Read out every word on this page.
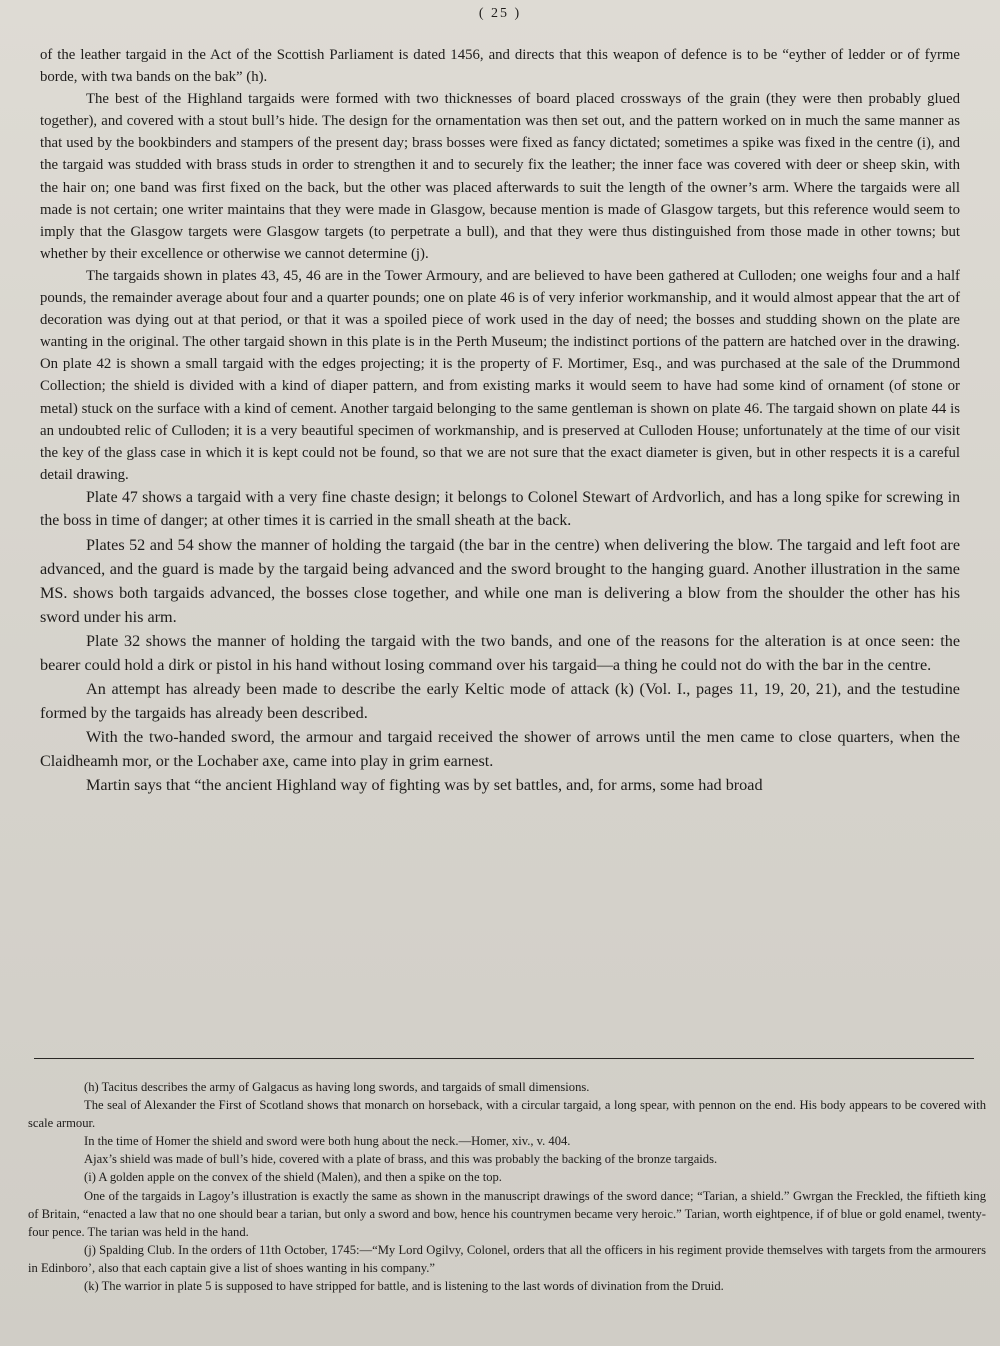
( 25 )

of the leather targaid in the Act of the Scottish Parliament is dated 1456, and directs that this weapon of defence is to be “eyther of ledder or of fyrme borde, with twa bands on the bak” (h).

The best of the Highland targaids were formed with two thicknesses of board placed crossways of the grain (they were then probably glued together), and covered with a stout bull’s hide. The design for the ornamentation was then set out, and the pattern worked on in much the same manner as that used by the bookbinders and stampers of the present day; brass bosses were fixed as fancy dictated; sometimes a spike was fixed in the centre (i), and the targaid was studded with brass studs in order to strengthen it and to securely fix the leather; the inner face was covered with deer or sheep skin, with the hair on; one band was first fixed on the back, but the other was placed afterwards to suit the length of the owner’s arm. Where the targaids were all made is not certain; one writer maintains that they were made in Glasgow, because mention is made of Glasgow targets, but this reference would seem to imply that the Glasgow targets were Glasgow targets (to perpetrate a bull), and that they were thus distinguished from those made in other towns; but whether by their excellence or otherwise we cannot determine (j).

The targaids shown in plates 43, 45, 46 are in the Tower Armoury, and are believed to have been gathered at Culloden; one weighs four and a half pounds, the remainder average about four and a quarter pounds; one on plate 46 is of very inferior workmanship, and it would almost appear that the art of decoration was dying out at that period, or that it was a spoiled piece of work used in the day of need; the bosses and studding shown on the plate are wanting in the original. The other targaid shown in this plate is in the Perth Museum; the indistinct portions of the pattern are hatched over in the drawing. On plate 42 is shown a small targaid with the edges projecting; it is the property of F. Mortimer, Esq., and was purchased at the sale of the Drummond Collection; the shield is divided with a kind of diaper pattern, and from existing marks it would seem to have had some kind of ornament (of stone or metal) stuck on the surface with a kind of cement. Another targaid belonging to the same gentleman is shown on plate 46. The targaid shown on plate 44 is an undoubted relic of Culloden; it is a very beautiful specimen of workmanship, and is preserved at Culloden House; unfortunately at the time of our visit the key of the glass case in which it is kept could not be found, so that we are not sure that the exact diameter is given, but in other respects it is a careful detail drawing.

Plate 47 shows a targaid with a very fine chaste design; it belongs to Colonel Stewart of Ardvorlich, and has a long spike for screwing in the boss in time of danger; at other times it is carried in the small sheath at the back.

Plates 52 and 54 show the manner of holding the targaid (the bar in the centre) when delivering the blow. The targaid and left foot are advanced, and the guard is made by the targaid being advanced and the sword brought to the hanging guard. Another illustration in the same MS. shows both targaids advanced, the bosses close together, and while one man is delivering a blow from the shoulder the other has his sword under his arm.

Plate 32 shows the manner of holding the targaid with the two bands, and one of the reasons for the alteration is at once seen: the bearer could hold a dirk or pistol in his hand without losing command over his targaid—a thing he could not do with the bar in the centre.

An attempt has already been made to describe the early Keltic mode of attack (k) (Vol. I., pages 11, 19, 20, 21), and the testudine formed by the targaids has already been described.

With the two-handed sword, the armour and targaid received the shower of arrows until the men came to close quarters, when the Claidheamh mor, or the Lochaber axe, came into play in grim earnest.

Martin says that “the ancient Highland way of fighting was by set battles, and, for arms, some had broad

(h) Tacitus describes the army of Galgacus as having long swords, and targaids of small dimensions.

The seal of Alexander the First of Scotland shows that monarch on horseback, with a circular targaid, a long spear, with pennon on the end. His body appears to be covered with scale armour.

In the time of Homer the shield and sword were both hung about the neck.—Homer, xiv., v. 404.

Ajax’s shield was made of bull’s hide, covered with a plate of brass, and this was probably the backing of the bronze targaids.

(i) A golden apple on the convex of the shield (Malen), and then a spike on the top.

One of the targaids in Lagoy’s illustration is exactly the same as shown in the manuscript drawings of the sword dance; “Tarian, a shield.” Gwrgan the Freckled, the fiftieth king of Britain, “enacted a law that no one should bear a tarian, but only a sword and bow, hence his countrymen became very heroic.” Tarian, worth eightpence, if of blue or gold enamel, twenty-four pence. The tarian was held in the hand.

(j) Spalding Club. In the orders of 11th October, 1745:—“My Lord Ogilvy, Colonel, orders that all the officers in his regiment provide themselves with targets from the armourers in Edinboro’, also that each captain give a list of shoes wanting in his company.”

(k) The warrior in plate 5 is supposed to have stripped for battle, and is listening to the last words of divination from the Druid.
